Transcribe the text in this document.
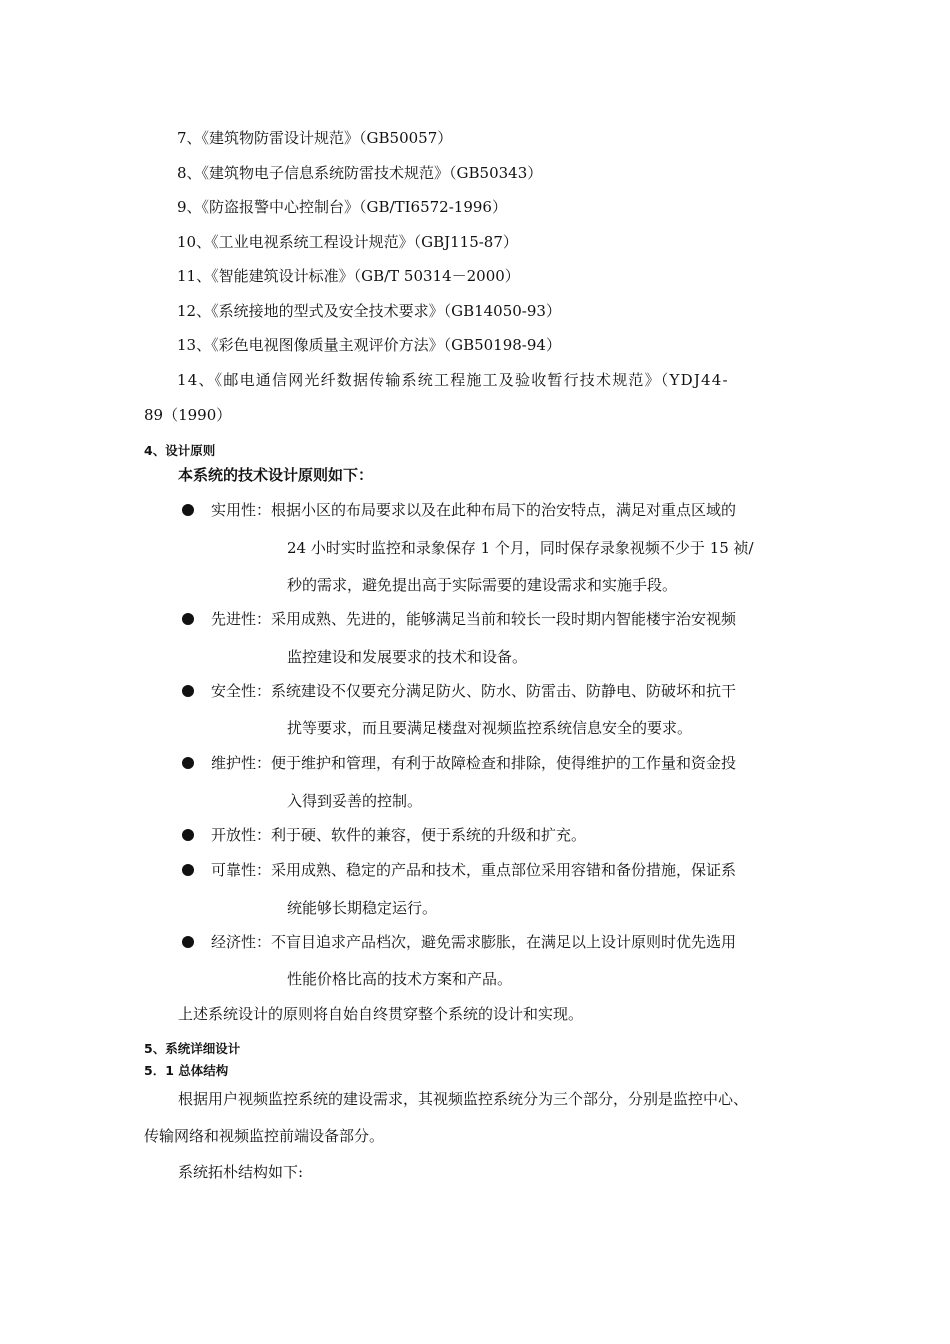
7、《建筑物防雷设计规范》（GB50057）
8、《建筑物电子信息系统防雷技术规范》（GB50343）
9、《防盗报警中心控制台》（GB/TI6572-1996）
10、《工业电视系统工程设计规范》（GBJ115-87）
11、《智能建筑设计标准》（GB/T 50314－2000）
12、《系统接地的型式及安全技术要求》（GB14050-93）
13、《彩色电视图像质量主观评价方法》（GB50198-94）
14、《邮电通信网光纤数据传输系统工程施工及验收暂行技术规范》（YDJ44-
89（1990）
4、设计原则
本系统的技术设计原则如下：
实用性：根据小区的布局要求以及在此种布局下的治安特点，满足对重点区域的
24 小时实时监控和录象保存 1 个月，同时保存录象视频不少于 15 祯/
秒的需求，避免提出高于实际需要的建设需求和实施手段。
先进性：采用成熟、先进的，能够满足当前和较长一段时期内智能楼宇治安视频
监控建设和发展要求的技术和设备。
安全性：系统建设不仅要充分满足防火、防水、防雷击、防静电、防破坏和抗干
扰等要求，而且要满足楼盘对视频监控系统信息安全的要求。
维护性：便于维护和管理，有利于故障检查和排除，使得维护的工作量和资金投
入得到妥善的控制。
开放性：利于硬、软件的兼容，便于系统的升级和扩充。
可靠性：采用成熟、稳定的产品和技术，重点部位采用容错和备份措施，保证系
统能够长期稳定运行。
经济性：不盲目追求产品档次，避免需求膨胀，在满足以上设计原则时优先选用
性能价格比高的技术方案和产品。
上述系统设计的原则将自始自终贯穿整个系统的设计和实现。
5、系统详细设计
5．1 总体结构
根据用户视频监控系统的建设需求，其视频监控系统分为三个部分，分别是监控中心、
传输网络和视频监控前端设备部分。
系统拓朴结构如下:
